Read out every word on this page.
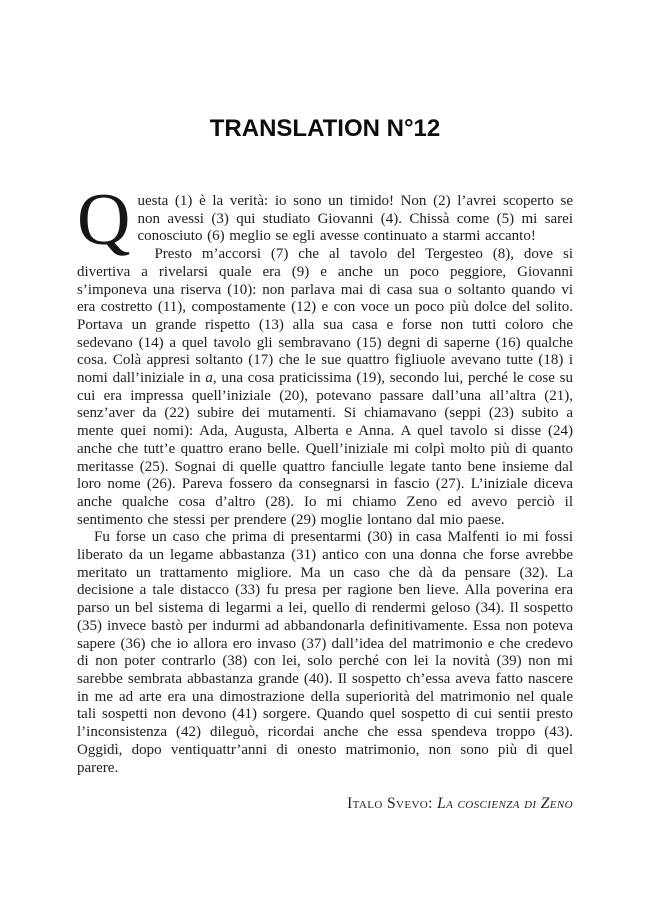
TRANSLATION N°12

Questa (1) è la verità: io sono un timido! Non (2) l’avrei scoperto se non avessi (3) qui studiato Giovanni (4). Chissà come (5) mi sarei conosciuto (6) meglio se egli avesse continuato a starmi accanto!

Presto m’accorsi (7) che al tavolo del Tergesteo (8), dove si divertiva a rivelarsi quale era (9) e anche un poco peggiore, Giovanni s’imponeva una riserva (10): non parlava mai di casa sua o soltanto quando vi era costretto (11), compostamente (12) e con voce un poco più dolce del solito. Portava un grande rispetto (13) alla sua casa e forse non tutti coloro che sedevano (14) a quel tavolo gli sembravano (15) degni di saperne (16) qualche cosa. Colà appresi soltanto (17) che le sue quattro figliuole avevano tutte (18) i nomi dall’iniziale in a, una cosa praticissima (19), secondo lui, perché le cose su cui era impressa quell’iniziale (20), potevano passare dall’una all’altra (21), senz’aver da (22) subire dei mutamenti. Si chiamavano (seppi (23) subito a mente quei nomi): Ada, Augusta, Alberta e Anna. A quel tavolo si disse (24) anche che tutt’e quattro erano belle. Quell’iniziale mi colpì molto più di quanto meritasse (25). Sognai di quelle quattro fanciulle legate tanto bene insieme dal loro nome (26). Pareva fossero da consegnarsi in fascio (27). L’iniziale diceva anche qualche cosa d’altro (28). Io mi chiamo Zeno ed avevo perciò il sentimento che stessi per prendere (29) moglie lontano dal mio paese.

Fu forse un caso che prima di presentarmi (30) in casa Malfenti io mi fossi liberato da un legame abbastanza (31) antico con una donna che forse avrebbe meritato un trattamento migliore. Ma un caso che dà da pensare (32). La decisione a tale distacco (33) fu presa per ragione ben lieve. Alla poverina era parso un bel sistema di legarmi a lei, quello di rendermi geloso (34). Il sospetto (35) invece bastò per indurmi ad abbandonarla definitivamente. Essa non poteva sapere (36) che io allora ero invaso (37) dall’idea del matrimonio e che credevo di non poter contrarlo (38) con lei, solo perché con lei la novità (39) non mi sarebbe sembrata abbastanza grande (40). Il sospetto ch’essa aveva fatto nascere in me ad arte era una dimostrazione della superiorità del matrimonio nel quale tali sospetti non devono (41) sorgere. Quando quel sospetto di cui sentii presto l’inconsistenza (42) dileguò, ricordai anche che essa spendeva troppo (43). Oggidì, dopo ventiquattr’anni di onesto matrimonio, non sono più di quel parere.

Italo Svevo: La coscienza di Zeno
